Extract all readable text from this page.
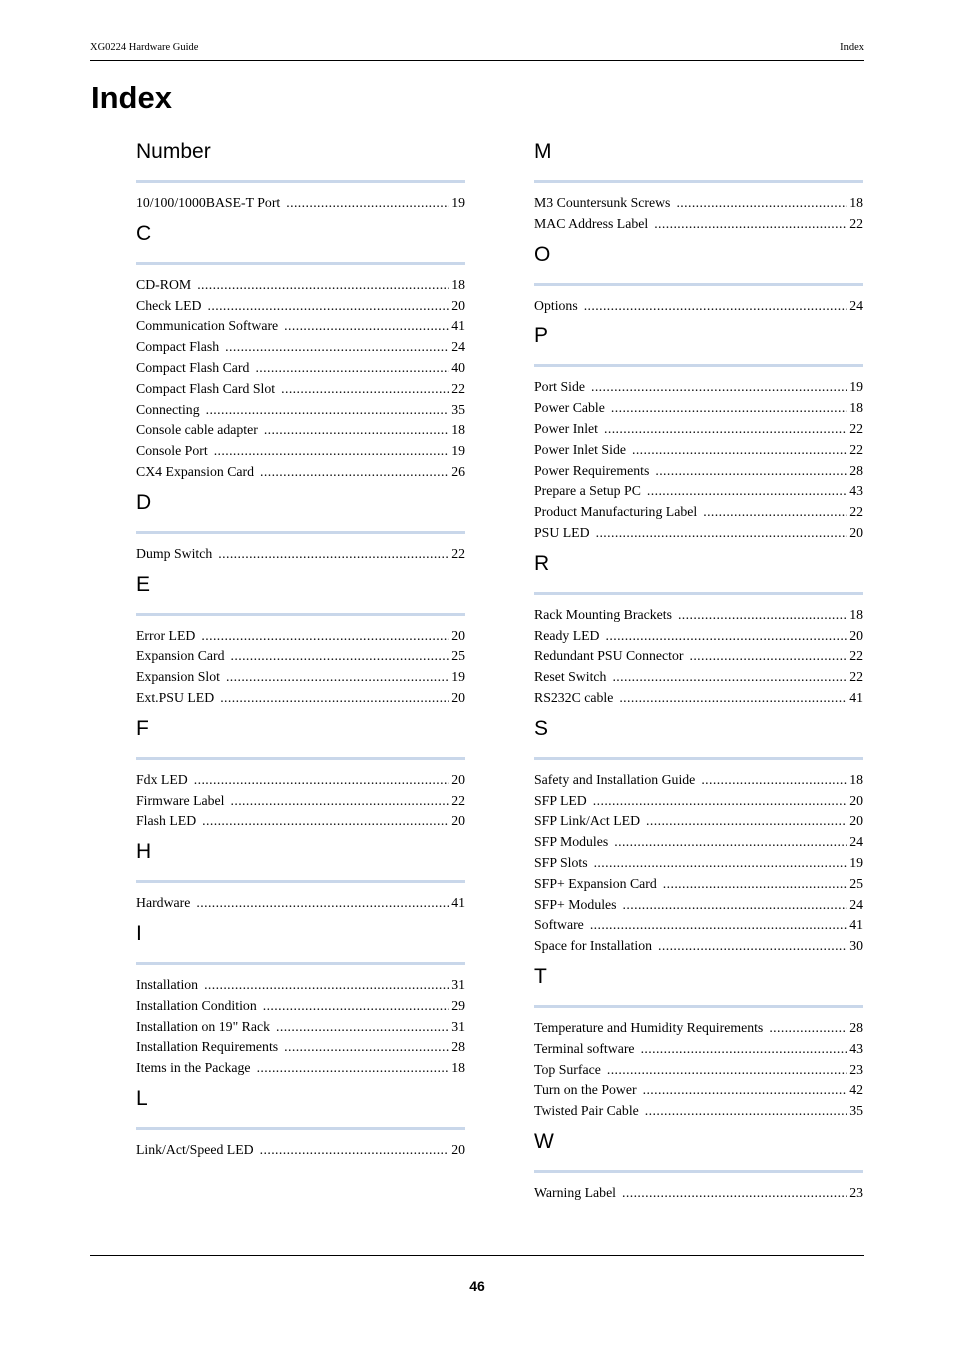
XG0224 Hardware Guide	Index
Index
Number
10/100/1000BASE-T Port .....	19
C
CD-ROM .....	18
Check LED .....	20
Communication Software .....	41
Compact Flash .....	24
Compact Flash Card .....	40
Compact Flash Card Slot .....	22
Connecting .....	35
Console cable adapter .....	18
Console Port .....	19
CX4 Expansion Card .....	26
D
Dump Switch .....	22
E
Error LED .....	20
Expansion Card .....	25
Expansion Slot .....	19
Ext.PSU LED .....	20
F
Fdx LED .....	20
Firmware Label .....	22
Flash LED .....	20
H
Hardware .....	41
I
Installation .....	31
Installation Condition .....	29
Installation on 19" Rack .....	31
Installation Requirements .....	28
Items in the Package .....	18
L
Link/Act/Speed LED .....	20
M
M3 Countersunk Screws .....	18
MAC Address Label .....	22
O
Options .....	24
P
Port Side .....	19
Power Cable .....	18
Power Inlet .....	22
Power Inlet Side .....	22
Power Requirements .....	28
Prepare a Setup PC .....	43
Product Manufacturing Label .....	22
PSU LED .....	20
R
Rack Mounting Brackets .....	18
Ready LED .....	20
Redundant PSU Connector .....	22
Reset Switch .....	22
RS232C cable .....	41
S
Safety and Installation Guide .....	18
SFP LED .....	20
SFP Link/Act LED .....	20
SFP Modules .....	24
SFP Slots .....	19
SFP+ Expansion Card .....	25
SFP+ Modules .....	24
Software .....	41
Space for Installation .....	30
T
Temperature and Humidity Requirements .....	28
Terminal software .....	43
Top Surface .....	23
Turn on the Power .....	42
Twisted Pair Cable .....	35
W
Warning Label .....	23
46
